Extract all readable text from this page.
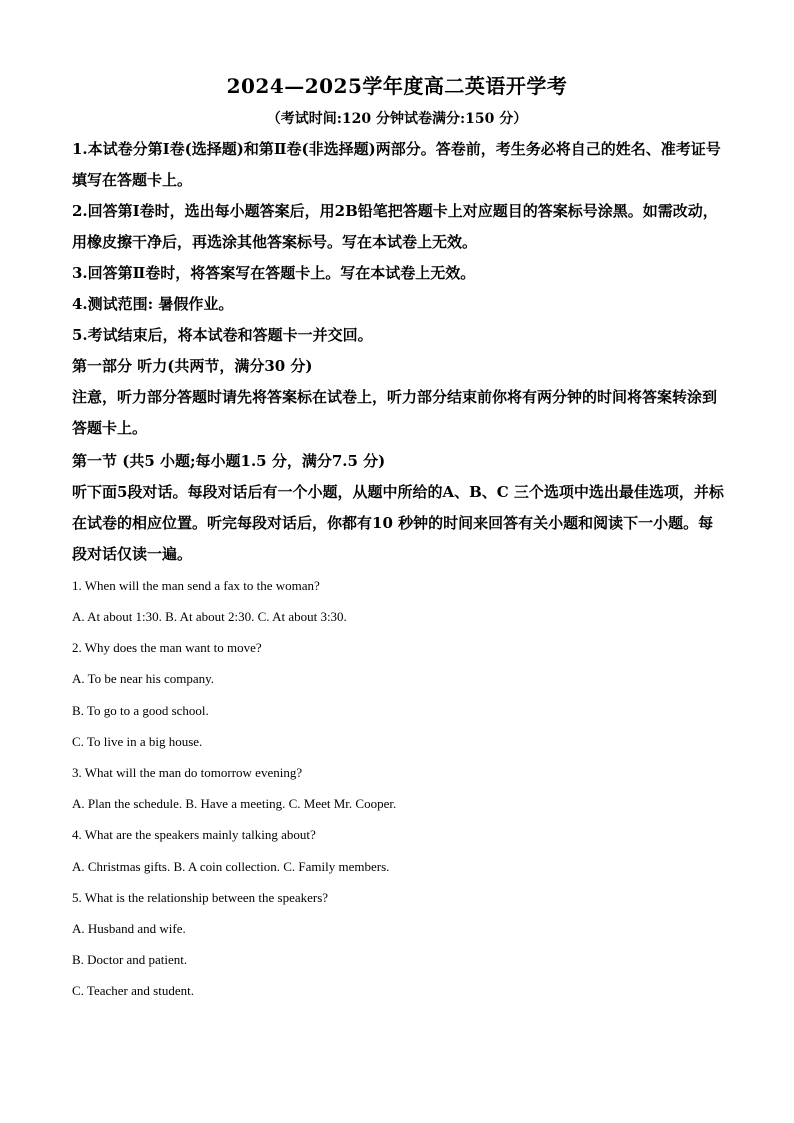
2024—2025学年度高二英语开学考
（考试时间:120 分钟试卷满分:150 分）

1.本试卷分第Ⅰ卷(选择题)和第Ⅱ卷(非选择题)两部分。答卷前，考生务必将自己的姓名、准考证号填写在答题卡上。

2.回答第Ⅰ卷时，选出每小题答案后，用2B铅笔把答题卡上对应题目的答案标号涂黑。如需改动，用橡皮擦干净后，再选涂其他答案标号。写在本试卷上无效。

3.回答第Ⅱ卷时，将答案写在答题卡上。写在本试卷上无效。

4.测试范围: 暑假作业。

5.考试结束后，将本试卷和答题卡一并交回。

第一部分 听力(共两节，满分30 分)

注意，听力部分答题时请先将答案标在试卷上，听力部分结束前你将有两分钟的时间将答案转涂到答题卡上。

第一节 (共5 小题;每小题1.5 分，满分7.5 分)

听下面5段对话。每段对话后有一个小题，从题中所给的A、B、C 三个选项中选出最佳选项，并标在试卷的相应位置。听完每段对话后，你都有10 秒钟的时间来回答有关小题和阅读下一小题。每段对话仅读一遍。

1. When will the man send a fax to the woman?

A. At about 1:30. B. At about 2:30. C. At about 3:30.

2. Why does the man want to move?

A. To be near his company.

B. To go to a good school.

C. To live in a big house.

3. What will the man do tomorrow evening?

A. Plan the schedule. B. Have a meeting. C. Meet Mr. Cooper.

4. What are the speakers mainly talking about?

A. Christmas gifts. B. A coin collection. C. Family members.

5. What is the relationship between the speakers?

A. Husband and wife.

B. Doctor and patient.

C. Teacher and student.
